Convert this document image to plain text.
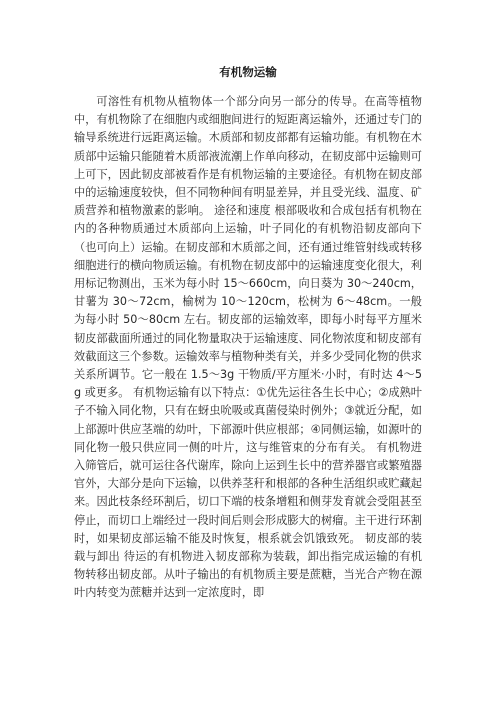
有机物运输

可溶性有机物从植物体一个部分向另一部分的传导。在高等植物中，有机物除了在细胞内或细胞间进行的短距离运输外，还通过专门的输导系统进行远距离运输。木质部和韧皮部都有运输功能。有机物在木质部中运输只能随着木质部液流潮上作单向移动，在韧皮部中运输则可上可下，因此韧皮部被看作是有机物运输的主要途径。有机物在韧皮部中的运输速度较快，但不同物种间有明显差异，并且受光线、温度、矿质营养和植物激素的影响。 途径和速度 根部吸收和合成包括有机物在内的各种物质通过木质部向上运输，叶子同化的有机物沿韧皮部向下（也可向上）运输。在韧皮部和木质部之间，还有通过维管射线或转移细胞进行的横向物质运输。有机物在韧皮部中的运输速度变化很大，利用标记物测出，玉米为每小时 15～660cm，向日葵为 30～240cm，甘薯为 30～72cm，榆树为 10～120cm，松树为 6～48cm。一般为每小时 50～80cm 左右。韧皮部的运输效率，即每小时每平方厘米韧皮部截面所通过的同化物量取决于运输速度、同化物浓度和韧皮部有效截面这三个参数。运输效率与植物种类有关，并多少受同化物的供求关系所调节。它一般在 1.5～3g 干物质/平方厘米·小时，有时达 4～5g 或更多。 有机物运输有以下特点：①优先运往各生长中心；②成熟叶子不输入同化物，只有在蚜虫吮吸或真菌侵染时例外；③就近分配，如上部源叶供应茎端的幼叶，下部源叶供应根部；④同侧运输，如源叶的同化物一般只供应同一侧的叶片，这与维管束的分布有关。 有机物进入筛管后，就可运往各代谢库，除向上运到生长中的营养器官或繁殖器官外，大部分是向下运输，以供养茎秆和根部的各种生活组织或贮藏起来。因此枝条经环割后，切口下端的枝条增粗和侧芽发育就会受阻甚至停止，而切口上端经过一段时间后则会形成膨大的树瘤。主干进行环割时，如果韧皮部运输不能及时恢复，根系就会饥饿致死。 韧皮部的装载与卸出 待运的有机物进入韧皮部称为装载，卸出指完成运输的有机物转移出韧皮部。从叶子输出的有机物质主要是蔗糖，当光合产物在源叶内转变为蔗糖并达到一定浓度时，即
